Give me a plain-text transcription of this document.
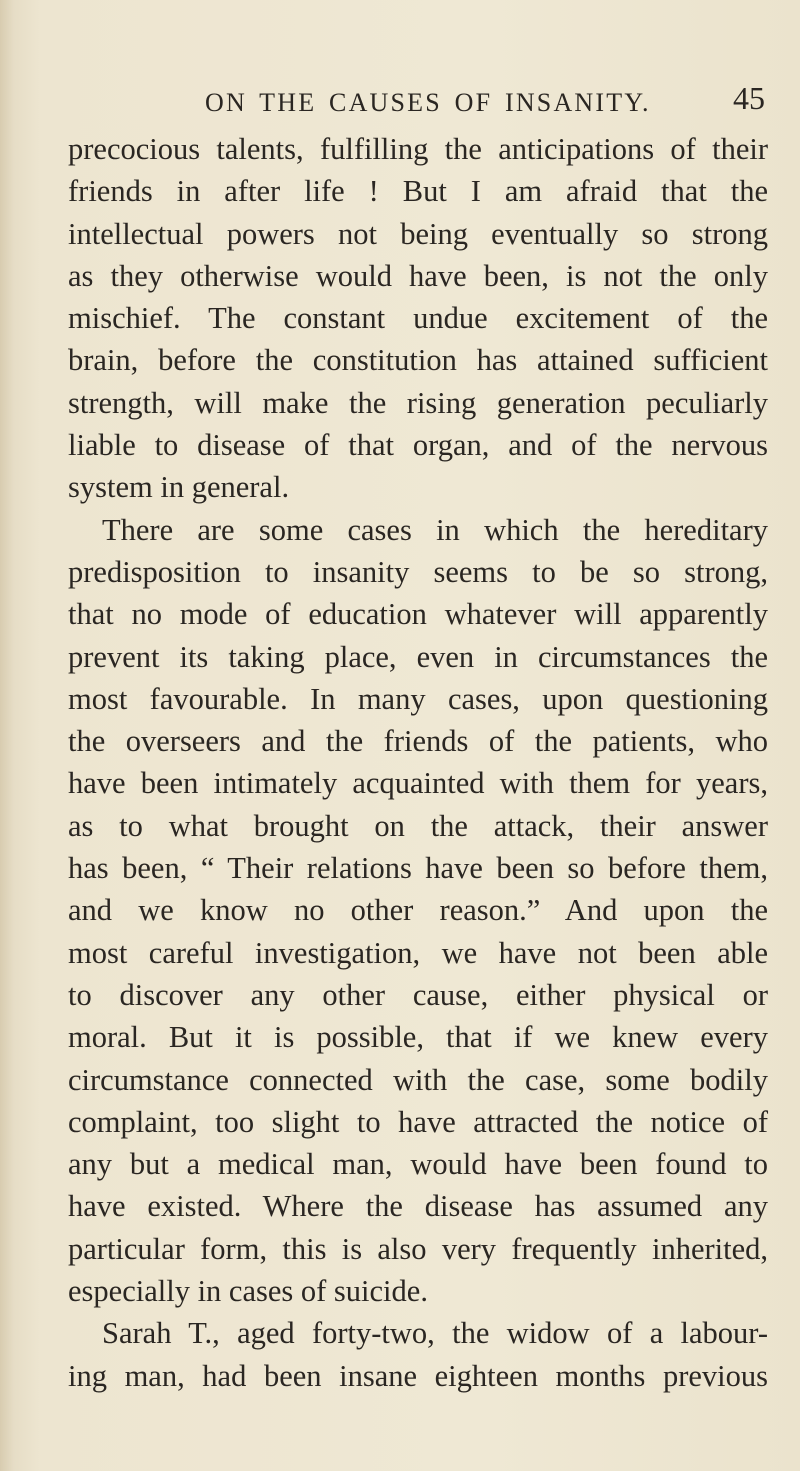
ON THE CAUSES OF INSANITY.	45
precocious talents, fulfilling the anticipations of their
friends in after life ! But I am afraid that the
intellectual powers not being eventually so strong
as they otherwise would have been, is not the only
mischief. The constant undue excitement of the
brain, before the constitution has attained sufficient
strength, will make the rising generation peculiarly
liable to disease of that organ, and of the nervous
system in general.
There are some cases in which the hereditary
predisposition to insanity seems to be so strong,
that no mode of education whatever will apparently
prevent its taking place, even in circumstances the
most favourable. In many cases, upon questioning
the overseers and the friends of the patients, who
have been intimately acquainted with them for years,
as to what brought on the attack, their answer
has been, “ Their relations have been so before them,
and we know no other reason.” And upon the
most careful investigation, we have not been able
to discover any other cause, either physical or
moral. But it is possible, that if we knew every
circumstance connected with the case, some bodily
complaint, too slight to have attracted the notice of
any but a medical man, would have been found to
have existed. Where the disease has assumed any
particular form, this is also very frequently inherited,
especially in cases of suicide.
Sarah T., aged forty-two, the widow of a labour-
ing man, had been insane eighteen months previous
